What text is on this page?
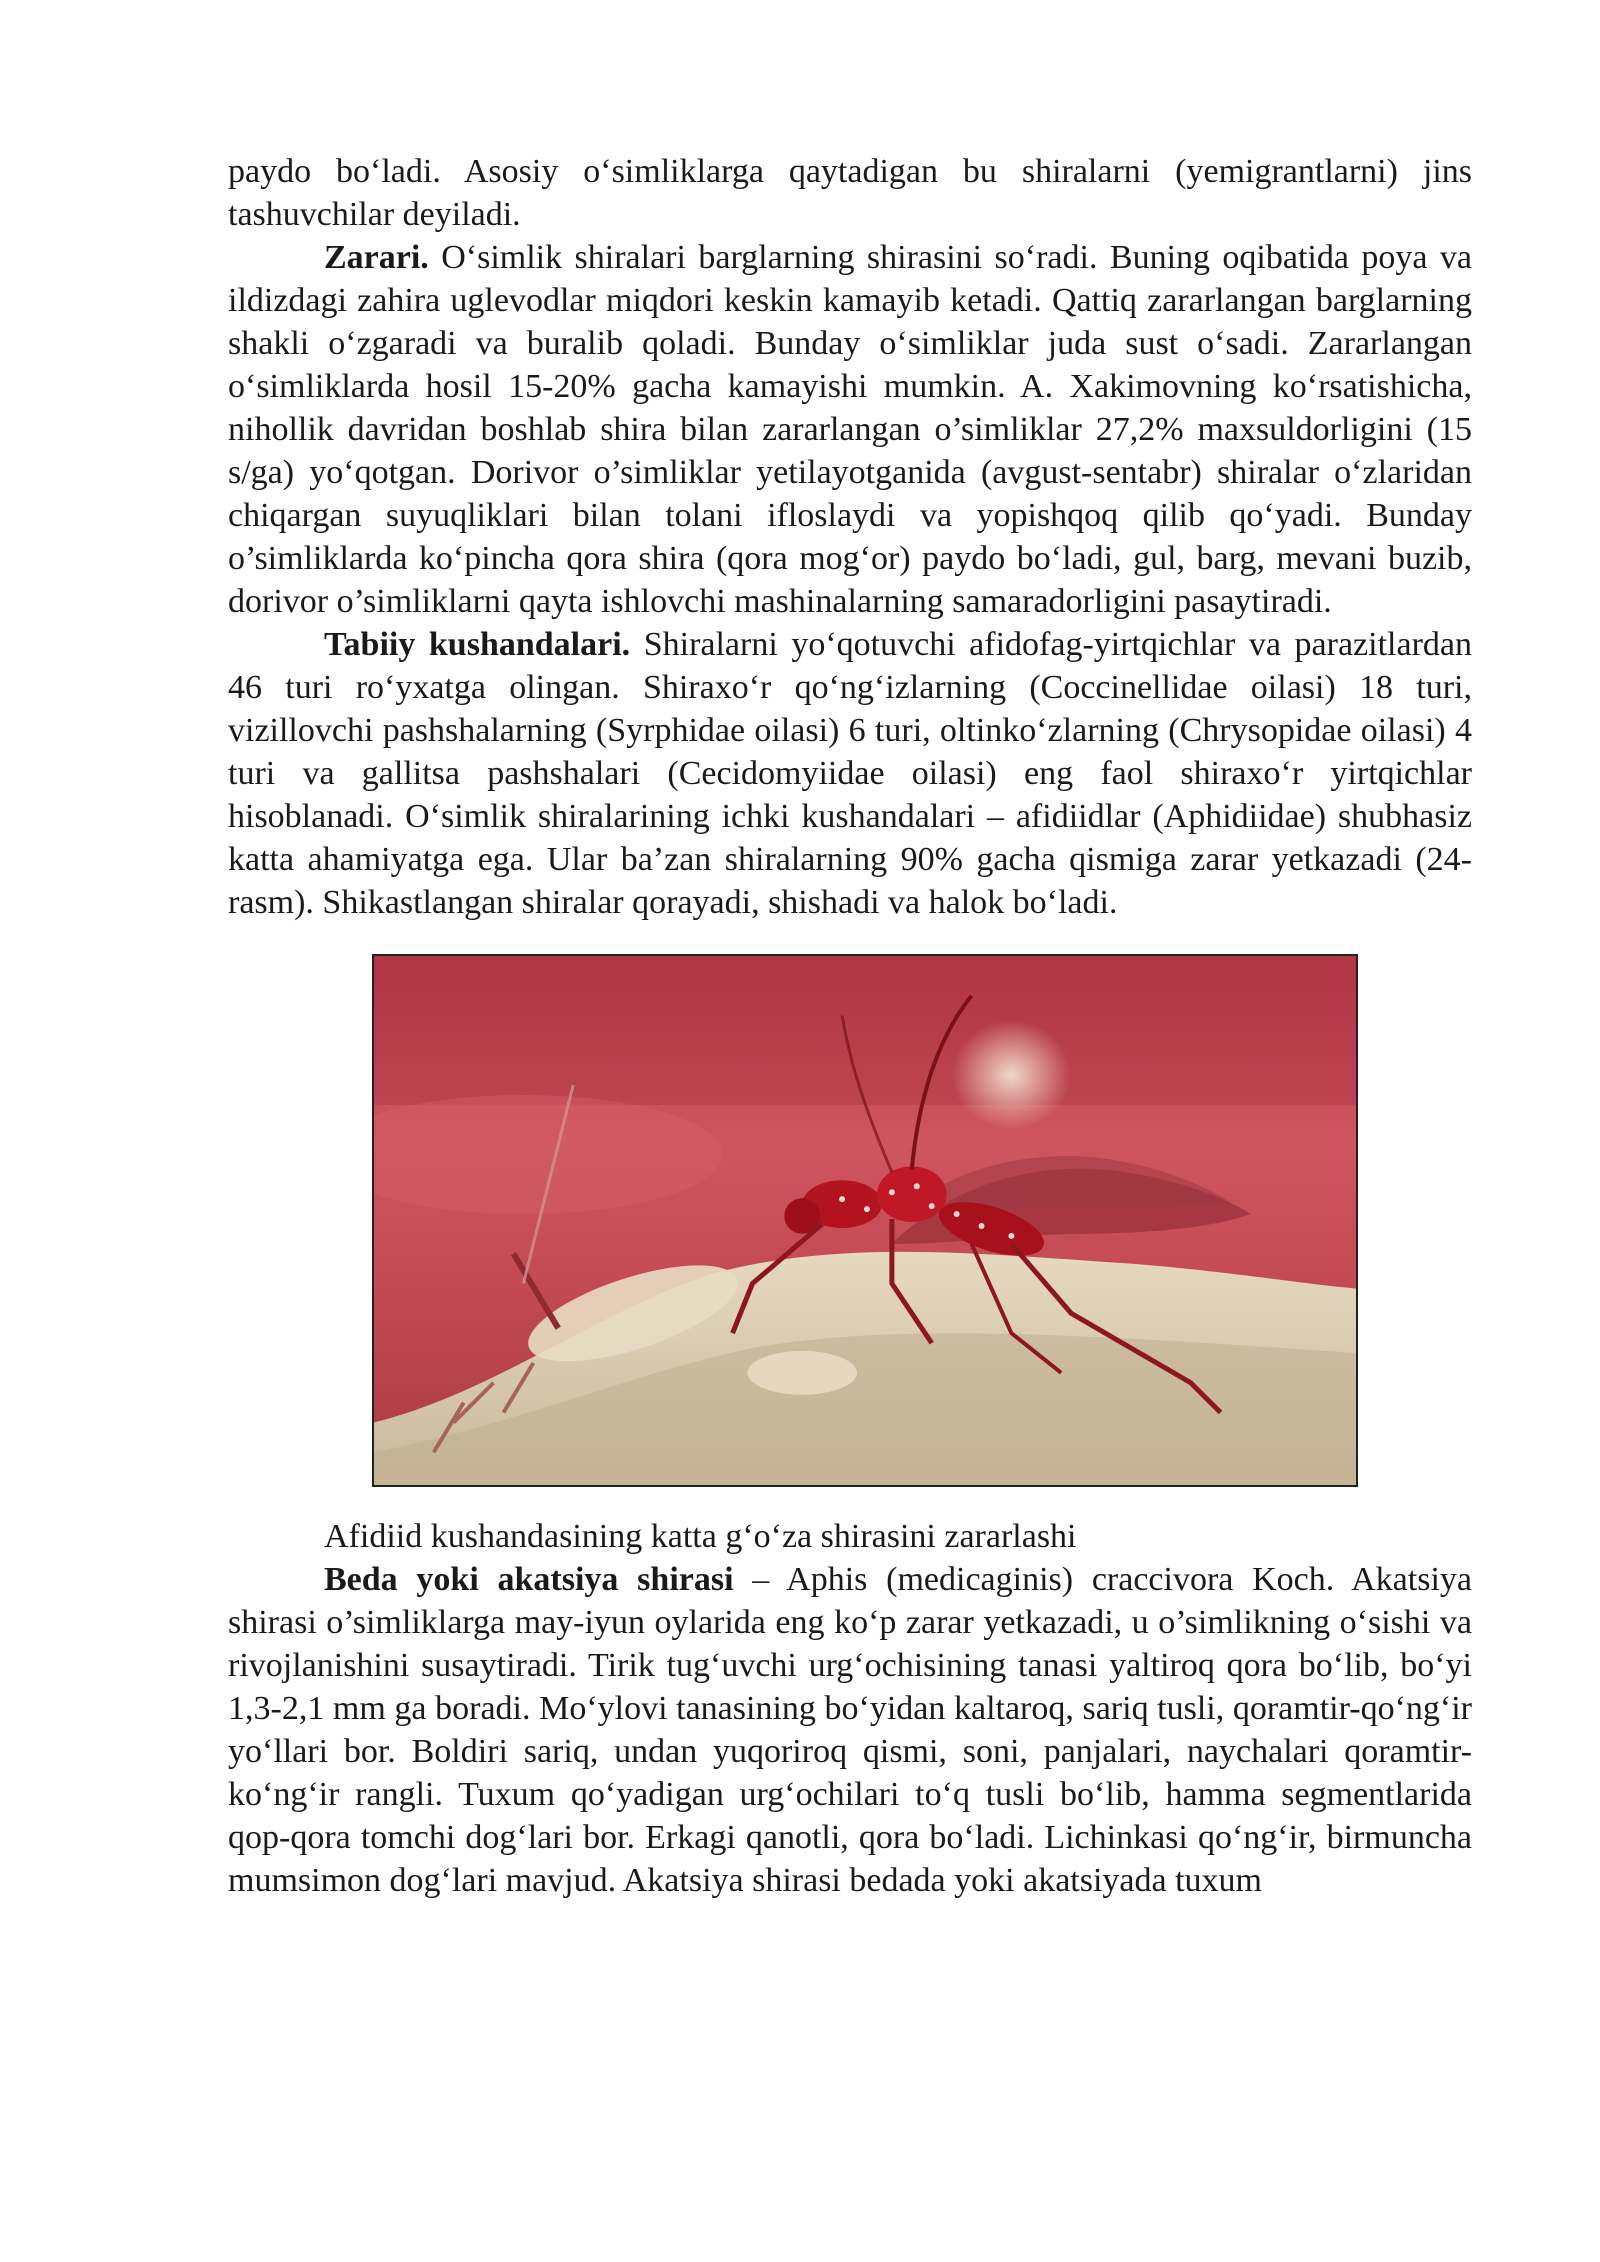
paydo bo‘ladi. Asosiy o‘simliklarga qaytadigan bu shiralarni (yemigrantlarni) jins tashuvchilar deyiladi.

Zarari. O‘simlik shiralari barglarning shirasini so‘radi. Buning oqibatida poya va ildizdagi zahira uglevodlar miqdori keskin kamayib ketadi. Qattiq zararlangan barglarning shakli o‘zgaradi va buralib qoladi. Bunday o‘simliklar juda sust o‘sadi. Zararlangan o‘simliklarda hosil 15-20% gacha kamayishi mumkin. A. Xakimovning ko‘rsatishicha, nihollik davridan boshlab shira bilan zararlangan o’simliklar 27,2% maxsuldorligini (15 s/ga) yo‘qotgan. Dorivor o’simliklar yetilayotganida (avgust-sentabr) shiralar o‘zlaridan chiqargan suyuqliklari bilan tolani ifloslaydi va yopishqoq qilib qo‘yadi. Bunday o’simliklarda ko‘pincha qora shira (qora mog‘or) paydo bo‘ladi, gul, barg, mevani buzib, dorivor o’simliklarni qayta ishlovchi mashinalarning samaradorligini pasaytiradi.

Tabiiy kushandalari. Shiralarni yo‘qotuvchi afidofag-yirtqichlar va parazitlardan 46 turi ro‘yxatga olingan. Shiraxo‘r qo‘ng‘izlarning (Coccinellidae oilasi) 18 turi, vizillovchi pashshalarning (Syrphidae oilasi) 6 turi, oltinko‘zlarning (Chrysopidae oilasi) 4 turi va gallitsa pashshalari (Cecidomyiidae oilasi) eng faol shiraxo‘r yirtqichlar hisoblanadi. O‘simlik shiralarining ichki kushandalari – afidiidlar (Aphidiidae) shubhasiz katta ahamiyatga ega. Ular ba’zan shiralarning 90% gacha qismiga zarar yetkazadi (24- rasm). Shikastlangan shiralar qorayadi, shishadi va halok bo‘ladi.

Afidiid kushandasining katta g‘o‘za shirasini zararlashi

Beda yoki akatsiya shirasi – Aphis (medicaginis) craccivora Koch. Akatsiya shirasi o’simliklarga may-iyun oylarida eng ko‘p zarar yetkazadi, u o’simlikning o‘sishi va rivojlanishini susaytiradi. Tirik tug‘uvchi urg‘ochisining tanasi yaltiroq qora bo‘lib, bo‘yi 1,3-2,1 mm ga boradi. Mo‘ylovi tanasining bo‘yidan kaltaroq, sariq tusli, qoramtir-qo‘ng‘ir yo‘llari bor. Boldiri sariq, undan yuqoriroq qismi, soni, panjalari, naychalari qoramtir-ko‘ng‘ir rangli. Tuxum qo‘yadigan urg‘ochilari to‘q tusli bo‘lib, hamma segmentlarida qop-qora tomchi dog‘lari bor. Erkagi qanotli, qora bo‘ladi. Lichinkasi qo‘ng‘ir, birmuncha mumsimon dog‘lari mavjud. Akatsiya shirasi bedada yoki akatsiyada tuxum
